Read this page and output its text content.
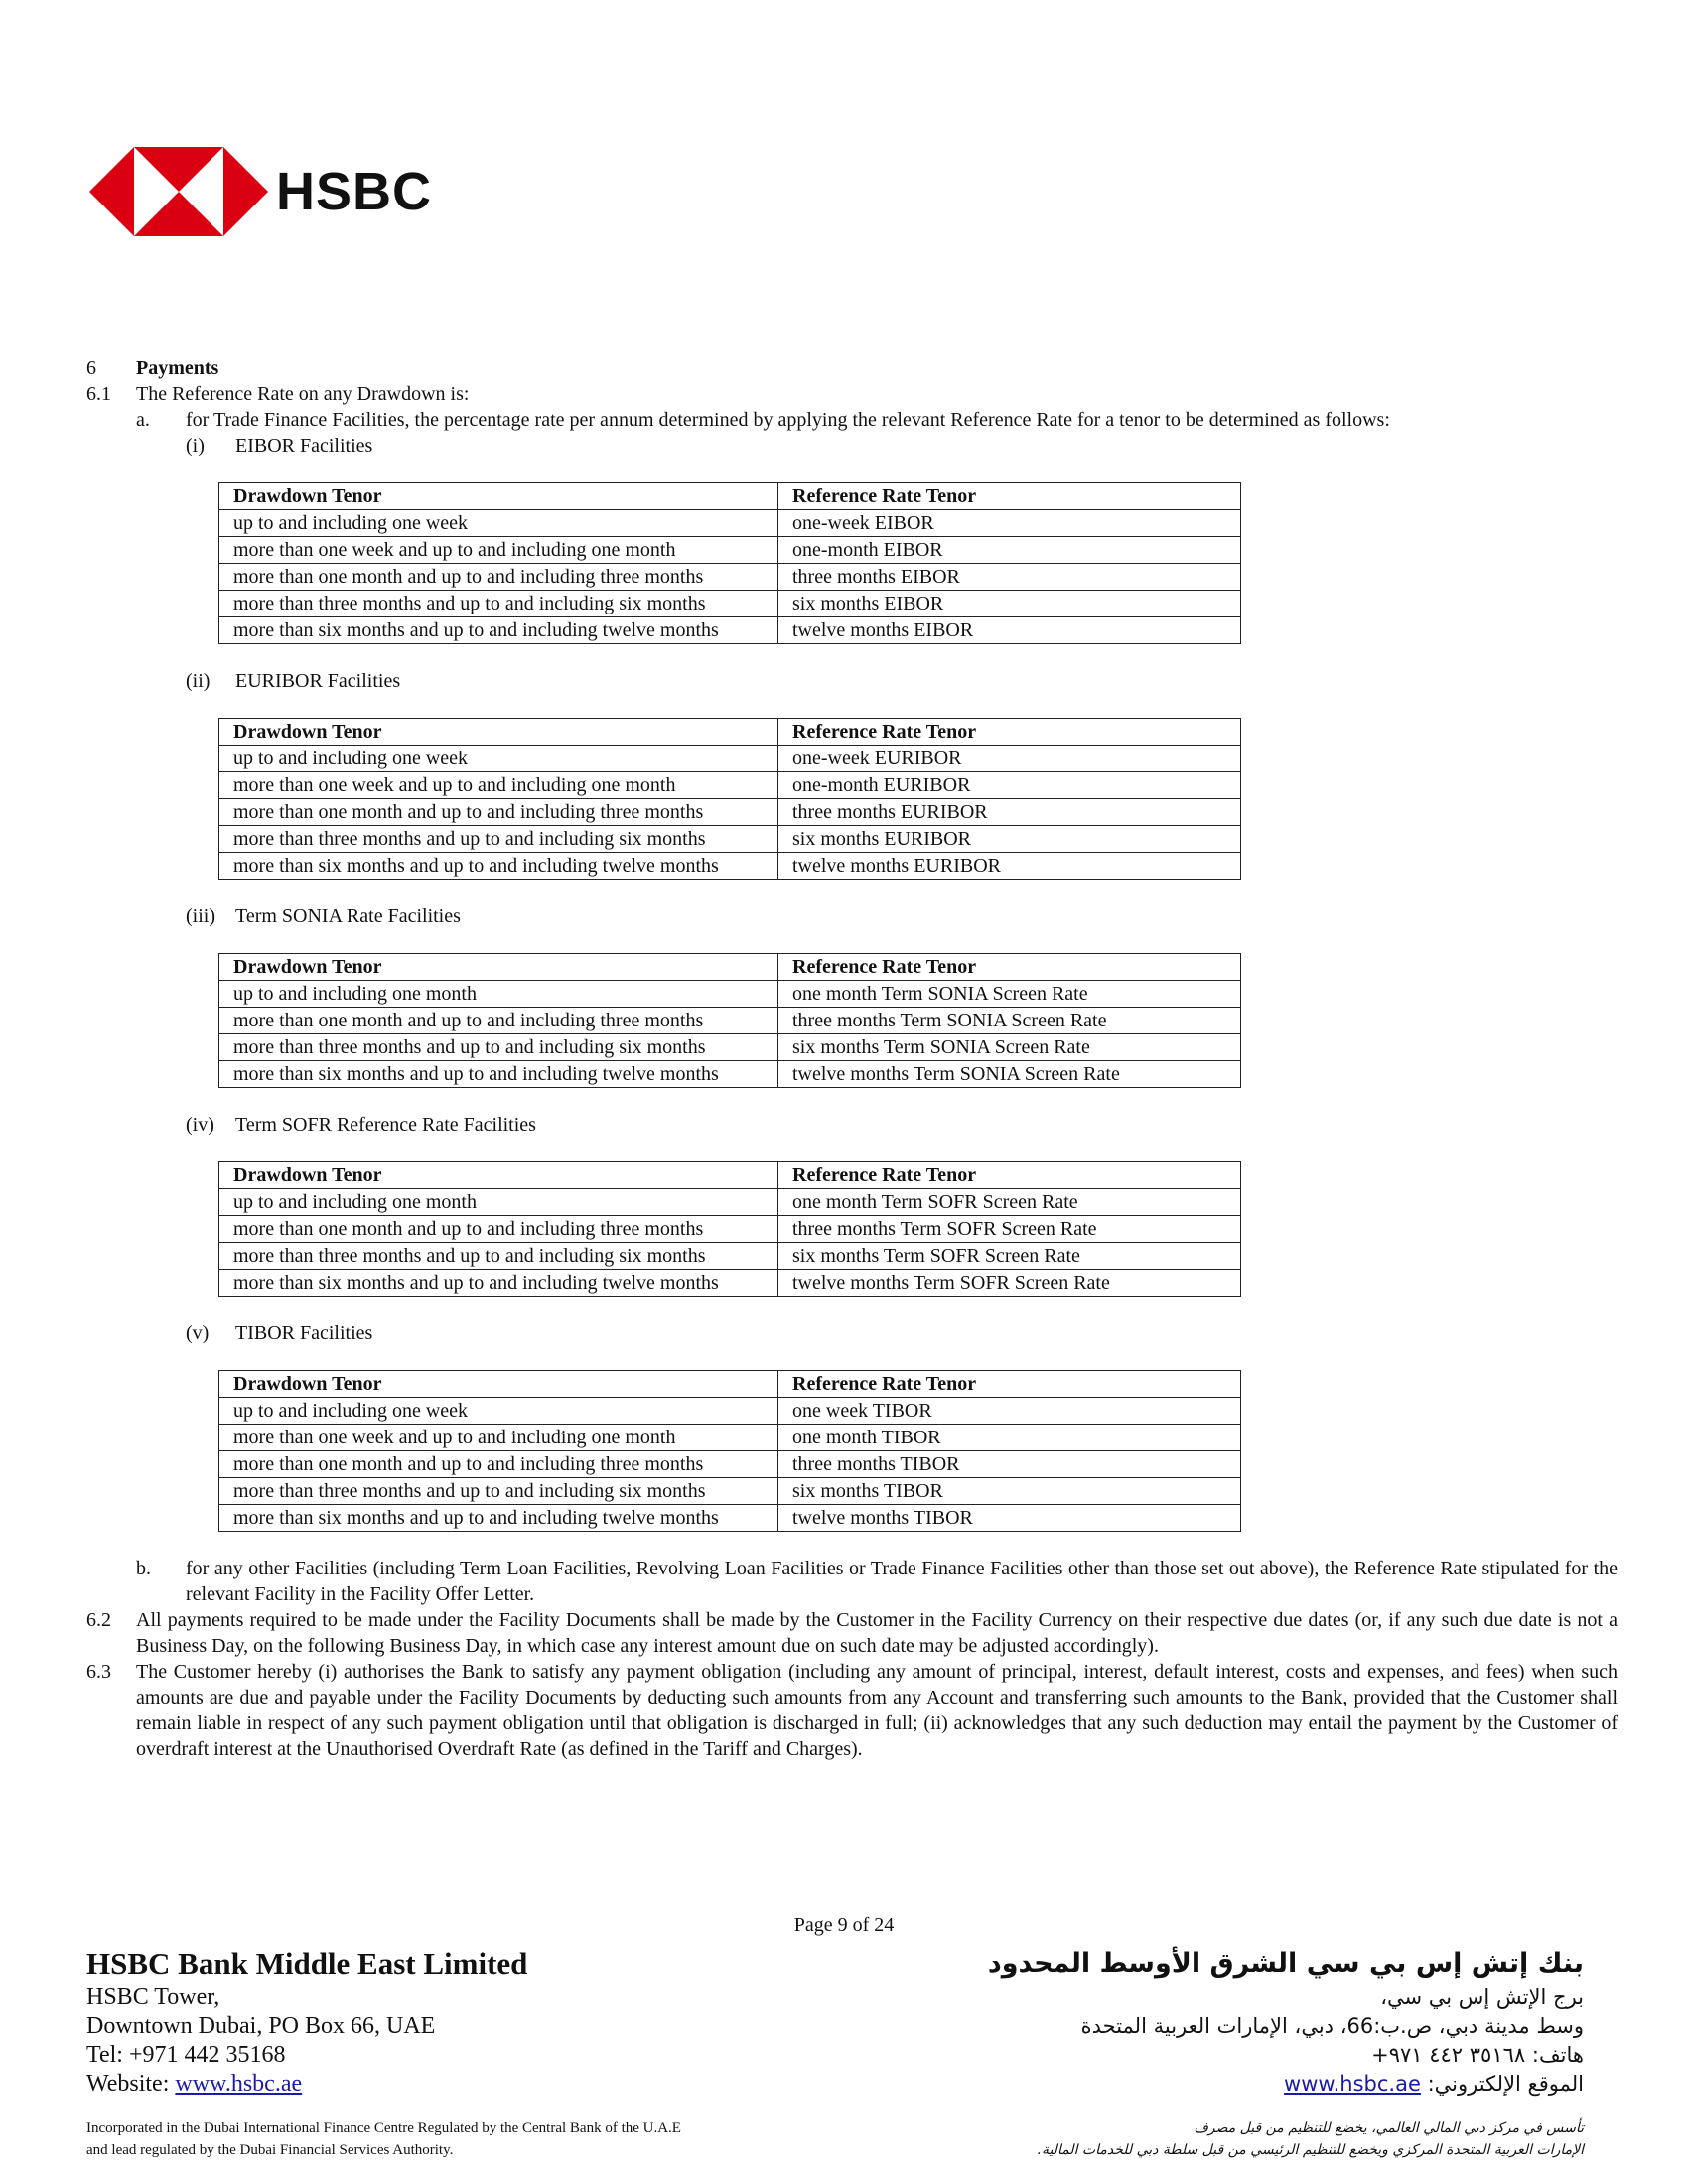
HSBC
6	Payments
6.1	The Reference Rate on any Drawdown is:
a.	for Trade Finance Facilities, the percentage rate per annum determined by applying the relevant Reference Rate for a tenor to be determined as follows:
(i)	EIBOR Facilities
Drawdown Tenor	Reference Rate Tenor
up to and including one week	one-week EIBOR
more than one week and up to and including one month	one-month EIBOR
more than one month and up to and including three months	three months EIBOR
more than three months and up to and including six months	six months EIBOR
more than six months and up to and including twelve months	twelve months EIBOR
(ii)	EURIBOR Facilities
Drawdown Tenor	Reference Rate Tenor
up to and including one week	one-week EURIBOR
more than one week and up to and including one month	one-month EURIBOR
more than one month and up to and including three months	three months EURIBOR
more than three months and up to and including six months	six months EURIBOR
more than six months and up to and including twelve months	twelve months EURIBOR
(iii)	Term SONIA Rate Facilities
Drawdown Tenor	Reference Rate Tenor
up to and including one month	one month Term SONIA Screen Rate
more than one month and up to and including three months	three months Term SONIA Screen Rate
more than three months and up to and including six months	six months Term SONIA Screen Rate
more than six months and up to and including twelve months	twelve months Term SONIA Screen Rate
(iv)	Term SOFR Reference Rate Facilities
Drawdown Tenor	Reference Rate Tenor
up to and including one month	one month Term SOFR Screen Rate
more than one month and up to and including three months	three months Term SOFR Screen Rate
more than three months and up to and including six months	six months Term SOFR Screen Rate
more than six months and up to and including twelve months	twelve months Term SOFR Screen Rate
(v)	TIBOR Facilities
Drawdown Tenor	Reference Rate Tenor
up to and including one week	one week TIBOR
more than one week and up to and including one month	one month TIBOR
more than one month and up to and including three months	three months TIBOR
more than three months and up to and including six months	six months TIBOR
more than six months and up to and including twelve months	twelve months TIBOR
b.	for any other Facilities (including Term Loan Facilities, Revolving Loan Facilities or Trade Finance Facilities other than those set out above), the Reference Rate stipulated for the relevant Facility in the Facility Offer Letter.
6.2	All payments required to be made under the Facility Documents shall be made by the Customer in the Facility Currency on their respective due dates (or, if any such due date is not a Business Day, on the following Business Day, in which case any interest amount due on such date may be adjusted accordingly).
6.3	The Customer hereby (i) authorises the Bank to satisfy any payment obligation (including any amount of principal, interest, default interest, costs and expenses, and fees) when such amounts are due and payable under the Facility Documents by deducting such amounts from any Account and transferring such amounts to the Bank, provided that the Customer shall remain liable in respect of any such payment obligation until that obligation is discharged in full; (ii) acknowledges that any such deduction may entail the payment by the Customer of overdraft interest at the Unauthorised Overdraft Rate (as defined in the Tariff and Charges).
Page 9 of 24
HSBC Bank Middle East Limited
HSBC Tower,
Downtown Dubai, PO Box 66, UAE
Tel: +971 442 35168
Website: www.hsbc.ae
بنك إتش إس بي سي الشرق الأوسط المحدود
برج الإتش إس بي سي،
وسط مدينة دبي، ص.ب:66، دبي، الإمارات العربية المتحدة
هاتف: ٣٥١٦٨ ٤٤٢ ٩٧١+
الموقع الإلكتروني: www.hsbc.ae
Incorporated in the Dubai International Finance Centre Regulated by the Central Bank of the U.A.E
and lead regulated by the Dubai Financial Services Authority.
تأسس في مركز دبي المالي العالمي، يخضع للتنظيم من قبل مصرف
الإمارات العربية المتحدة المركزي ويخضع للتنظيم الرئيسي من قبل سلطة دبي للخدمات المالية.
